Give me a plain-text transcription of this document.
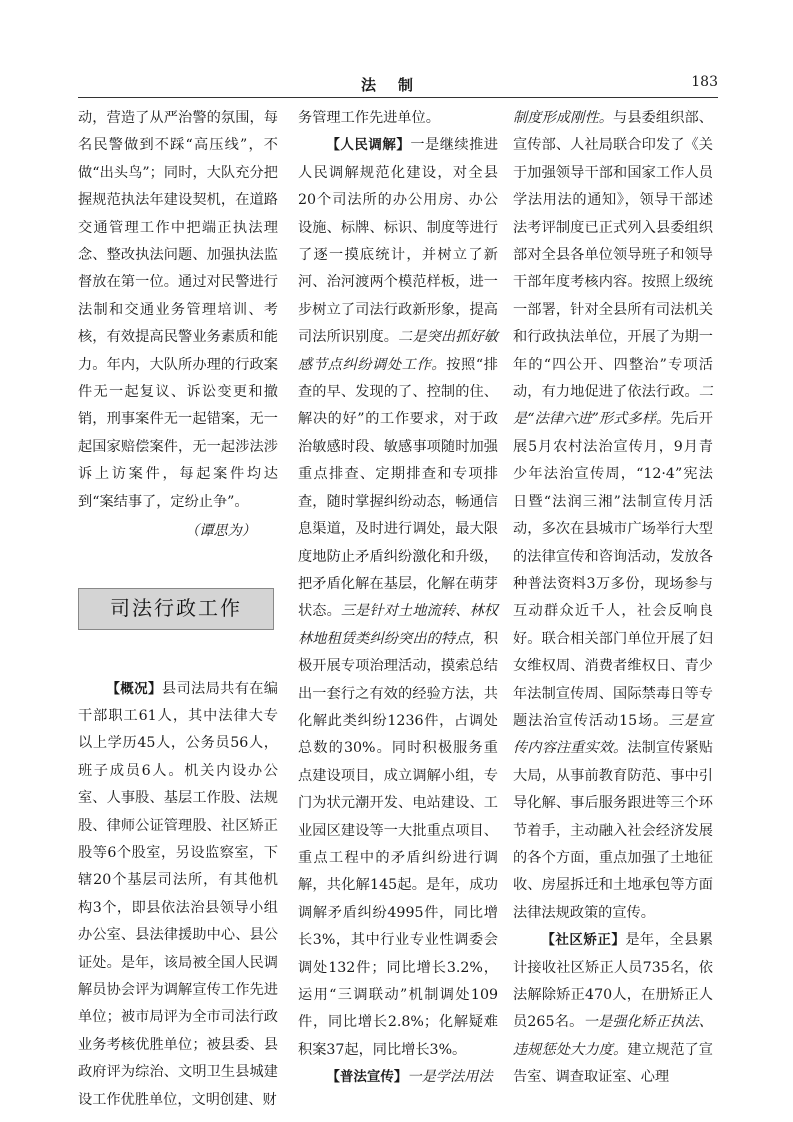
法制	183

动，营造了从严治警的氛围，每名民警做到不踩“高压线”，不做“出头鸟”；同时，大队充分把握规范执法年建设契机，在道路交通管理工作中把端正执法理念、整改执法问题、加强执法监督放在第一位。通过对民警进行法制和交通业务管理培训、考核，有效提高民警业务素质和能力。年内，大队所办理的行政案件无一起复议、诉讼变更和撤销，刑事案件无一起错案，无一起国家赔偿案件，无一起涉法涉诉上访案件，每起案件均达到“案结事了，定纷止争”。

（谭思为）

司法行政工作

【概况】县司法局共有在编干部职工61人，其中法律大专以上学历45人，公务员56人，班子成员6人。机关内设办公室、人事股、基层工作股、法规股、律师公证管理股、社区矫正股等6个股室，另设监察室，下辖20个基层司法所，有其他机构3个，即县依法治县领导小组办公室、县法律援助中心、县公证处。是年，该局被全国人民调解员协会评为调解宣传工作先进单位；被市局评为全市司法行政业务考核优胜单位；被县委、县政府评为综治、文明卫生县城建设工作优胜单位，文明创建、财

务管理工作先进单位。

【人民调解】一是继续推进人民调解规范化建设，对全县20个司法所的办公用房、办公设施、标牌、标识、制度等进行了逐一摸底统计，并树立了新河、治河渡两个模范样板，进一步树立了司法行政新形象，提高司法所识别度。二是突出抓好敏感节点纠纷调处工作。按照“排查的早、发现的了、控制的住、解决的好”的工作要求，对于政治敏感时段、敏感事项随时加强重点排查、定期排查和专项排查，随时掌握纠纷动态，畅通信息渠道，及时进行调处，最大限度地防止矛盾纠纷激化和升级，把矛盾化解在基层，化解在萌芽状态。三是针对土地流转、林权林地租赁类纠纷突出的特点，积极开展专项治理活动，摸索总结出一套行之有效的经验方法，共化解此类纠纷1236件，占调处总数的30%。同时积极服务重点建设项目，成立调解小组，专门为状元潮开发、电站建设、工业园区建设等一大批重点项目、重点工程中的矛盾纠纷进行调解，共化解145起。是年，成功调解矛盾纠纷4995件，同比增长3%，其中行业专业性调委会调处132件；同比增长3.2%，运用“三调联动”机制调处109件，同比增长2.8%；化解疑难积案37起，同比增长3%。

【普法宣传】一是学法用法

制度形成刚性。与县委组织部、宣传部、人社局联合印发了《关于加强领导干部和国家工作人员学法用法的通知》，领导干部述法考评制度已正式列入县委组织部对全县各单位领导班子和领导干部年度考核内容。按照上级统一部署，针对全县所有司法机关和行政执法单位，开展了为期一年的“四公开、四整治”专项活动，有力地促进了依法行政。二是“法律六进”形式多样。先后开展5月农村法治宣传月，9月青少年法治宣传周，“12·4”宪法日暨“法润三湘”法制宣传月活动，多次在县城市广场举行大型的法律宣传和咨询活动，发放各种普法资料3万多份，现场参与互动群众近千人，社会反响良好。联合相关部门单位开展了妇女维权周、消费者维权日、青少年法制宣传周、国际禁毒日等专题法治宣传活动15场。三是宣传内容注重实效。法制宣传紧贴大局，从事前教育防范、事中引导化解、事后服务跟进等三个环节着手，主动融入社会经济发展的各个方面，重点加强了土地征收、房屋拆迁和土地承包等方面法律法规政策的宣传。

【社区矫正】是年，全县累计接收社区矫正人员735名，依法解除矫正470人，在册矫正人员265名。一是强化矫正执法、违规惩处大力度。建立规范了宣告室、调查取证室、心理
